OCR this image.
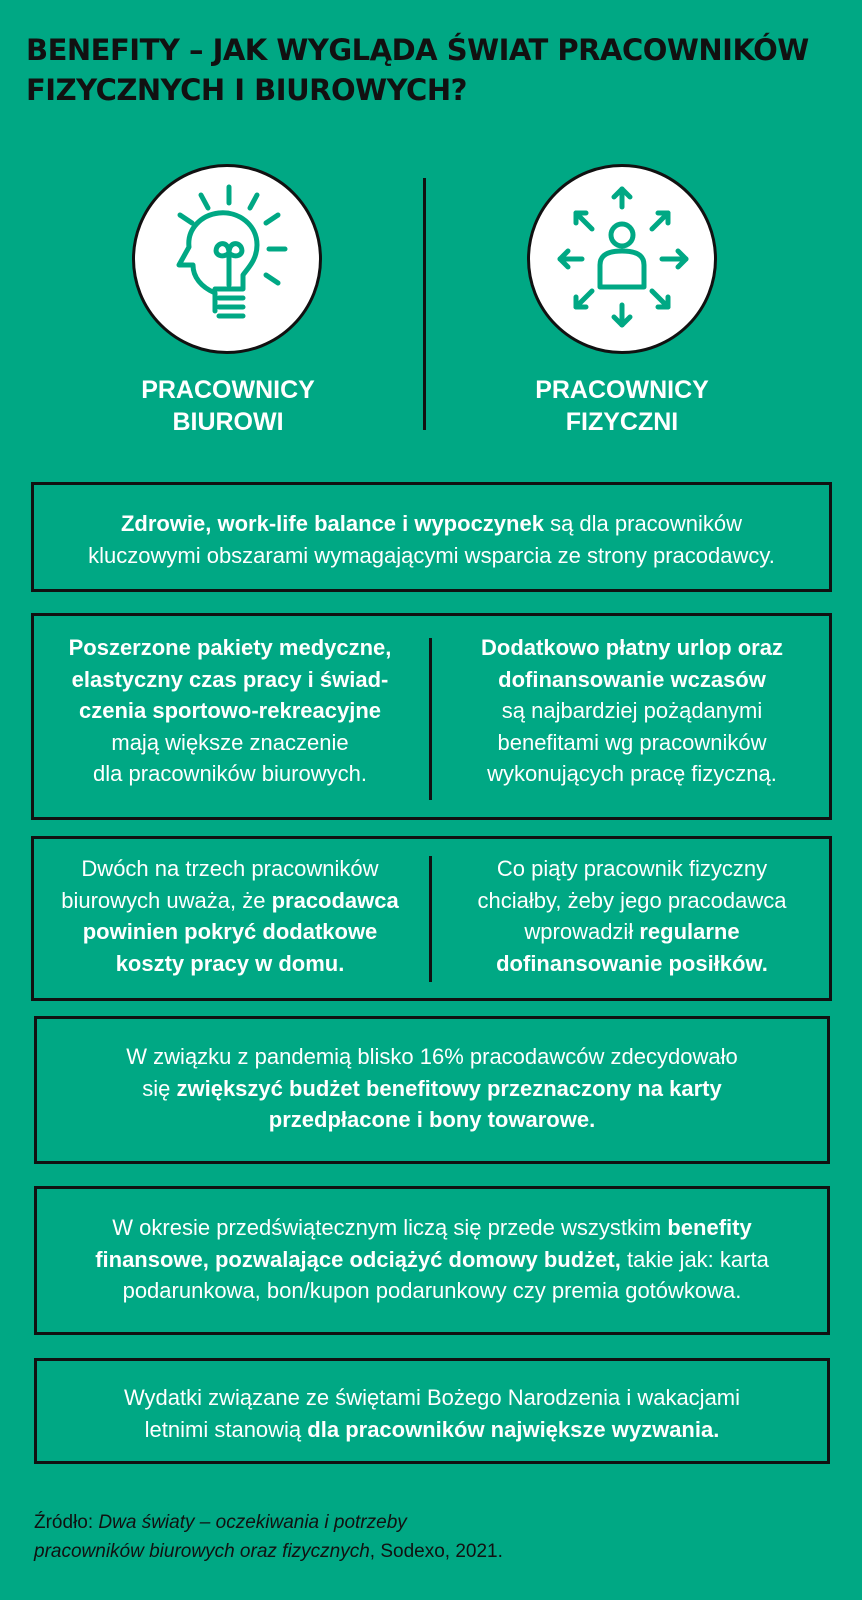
BENEFITY – JAK WYGLĄDA ŚWIAT PRACOWNIKÓW
FIZYCZNYCH I BIUROWYCH?
PRACOWNICY
BIUROWI
PRACOWNICY
FIZYCZNI
Zdrowie, work-life balance i wypoczynek są dla pracowników
kluczowymi obszarami wymagającymi wsparcia ze strony pracodawcy.
Poszerzone pakiety medyczne,
elastyczny czas pracy i świad-
czenia sportowo-rekreacyjne
mają większe znaczenie
dla pracowników biurowych.
Dodatkowo płatny urlop oraz
dofinansowanie wczasów
są najbardziej pożądanymi
benefitami wg pracowników
wykonujących pracę fizyczną.
Dwóch na trzech pracowników
biurowych uważa, że pracodawca
powinien pokryć dodatkowe
koszty pracy w domu.
Co piąty pracownik fizyczny
chciałby, żeby jego pracodawca
wprowadził regularne
dofinansowanie posiłków.
W związku z pandemią blisko 16% pracodawców zdecydowało
się zwiększyć budżet benefitowy przeznaczony na karty
przedpłacone i bony towarowe.
W okresie przedświątecznym liczą się przede wszystkim benefity
finansowe, pozwalające odciążyć domowy budżet, takie jak: karta
podarunkowa, bon/kupon podarunkowy czy premia gotówkowa.
Wydatki związane ze świętami Bożego Narodzenia i wakacjami
letnimi stanowią dla pracowników największe wyzwania.
Źródło: Dwa światy – oczekiwania i potrzeby
pracowników biurowych oraz fizycznych, Sodexo, 2021.
